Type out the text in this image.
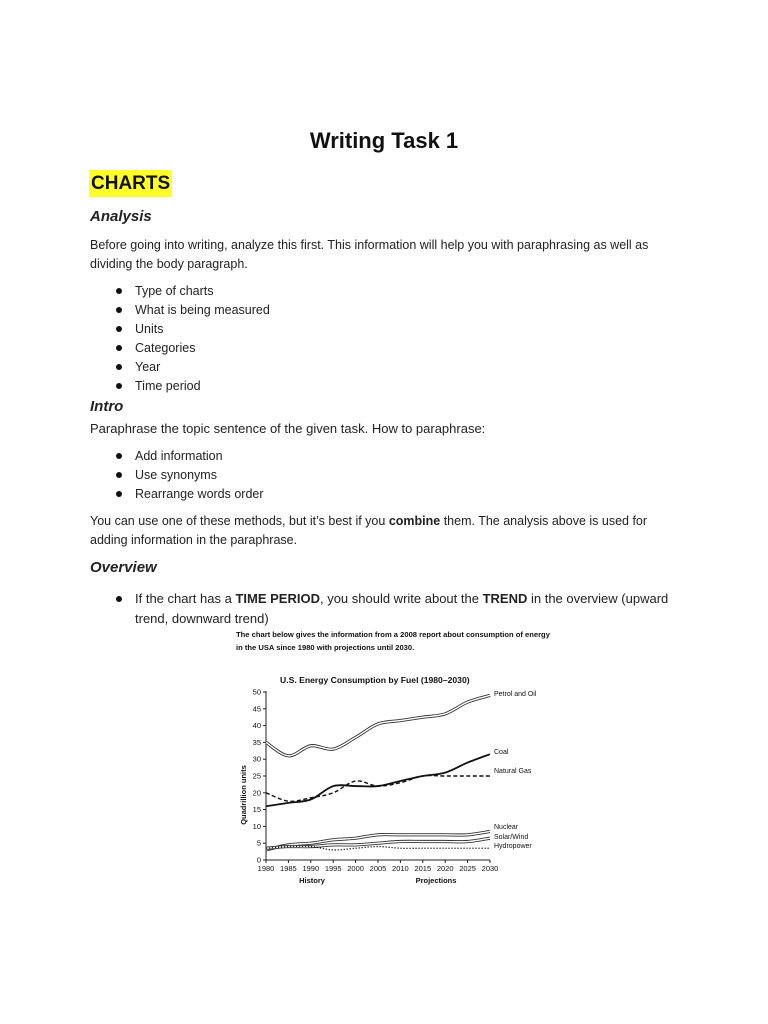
Writing Task 1
CHARTS
Analysis
Before going into writing, analyze this first. This information will help you with paraphrasing as well as dividing the body paragraph.
Type of charts
What is being measured
Units
Categories
Year
Time period
Intro
Paraphrase the topic sentence of the given task. How to paraphrase:
Add information
Use synonyms
Rearrange words order
You can use one of these methods, but it’s best if you combine them. The analysis above is used for adding information in the paraphrase.
Overview
If the chart has a TIME PERIOD, you should write about the TREND in the overview (upward trend, downward trend)
The chart below gives the information from a 2008 report about consumption of energy
in the USA since 1980 with projections until 2030.
U.S. Energy Consumption by Fuel (1980–2030)
Quadrillion units
History	Projections
0
5
10
15
20
25
30
35
40
45
50
1980 1985 1990 1995 2000 2005 2010 2015 2020 2025 2030
Petrol and Oil
Coal
Natural Gas
Nuclear
Solar/Wind
Hydropower
